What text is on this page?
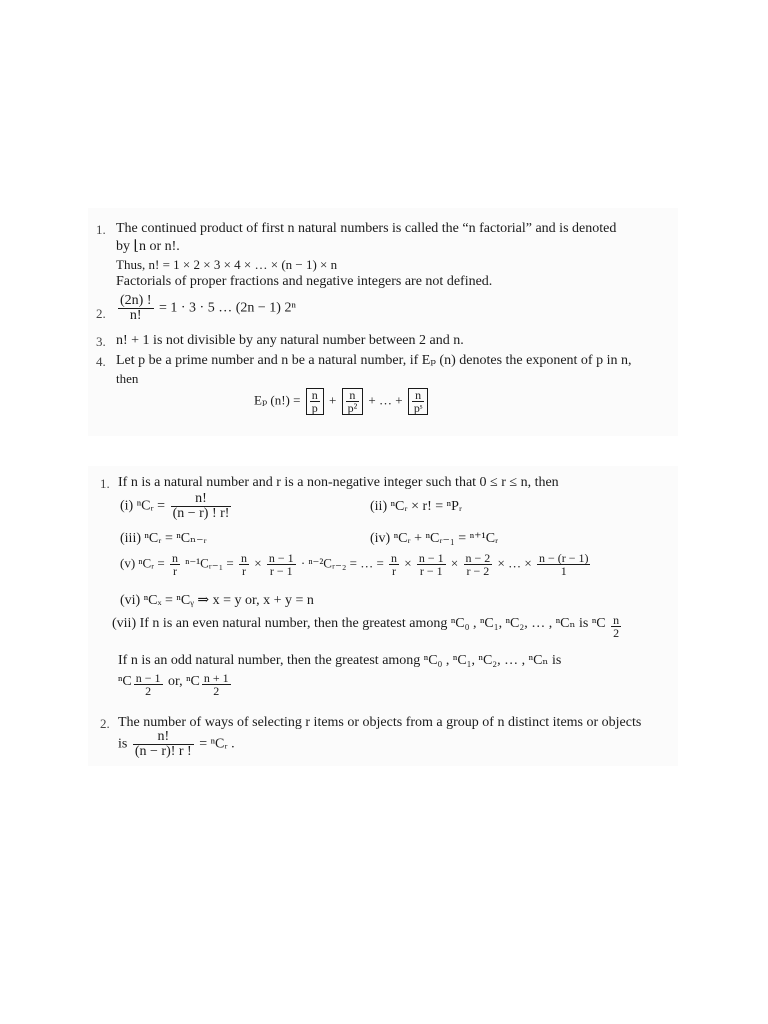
1. The continued product of first n natural numbers is called the “n factorial” and is denoted
by ⌊n or n!.
Thus, n! = 1 × 2 × 3 × 4 × … × (n − 1) × n
Factorials of proper fractions and negative integers are not defined.
2. $\frac{(2n) !}{n!} = 1 \cdot 3 \cdot 5$ … (2n − 1) 2ⁿ
3. n! + 1 is not divisible by any natural number between 2 and n.
4. Let p be a prime number and n be a natural number, if Eₚ (n) denotes the exponent of p in n,
then
Eₚ $(n!) = \frac{n}{p} + \frac{n}{\text{p²}}$ + … + $\frac{n}{\text{pˢ}}$
1. If n is a natural number and r is a non-negative integer such that 0 ≤ r ≤ n, then
(i) ⁿCᵣ = $\frac{n!}{(n - r) ! r!}$	(ii) ⁿCᵣ × r! = ⁿPᵣ
(iii) ⁿCᵣ = ⁿCₙ₋ᵣ	(iv) ⁿCᵣ + ⁿCᵣ₋₁ = ⁿ⁺¹Cᵣ
(v) ⁿCᵣ = $\frac{n}{r}$ ⁿ⁻¹Cᵣ₋₁ = $\frac{n}{r} \times \frac{n - 1}{r - 1}$ · ⁿ⁻²Cᵣ₋₂ = … = $\frac{n}{r} \times \frac{n - 1}{r - 1} \times \frac{n - 2}{r - 2}$ × … × $\frac{n - (r - 1)}{1}$
(vi) ⁿCₓ = ⁿCᵧ ⇒ x = y or, x + y = n
(vii) If n is an even natural number, then the greatest among ⁿC₀ , ⁿC₁, ⁿC₂, … , ⁿCₙ is ⁿC $\frac{n}{2}$
If n is an odd natural number, then the greatest among ⁿC₀ , ⁿC₁, ⁿC₂, … , ⁿCₙ is
ⁿC $\frac{n - 1}{2}$ or, ⁿC $\frac{n + 1}{2}$
2. The number of ways of selecting r items or objects from a group of n distinct items or objects
is $\frac{n!}{(n - r)! r !}$ = ⁿCᵣ .
